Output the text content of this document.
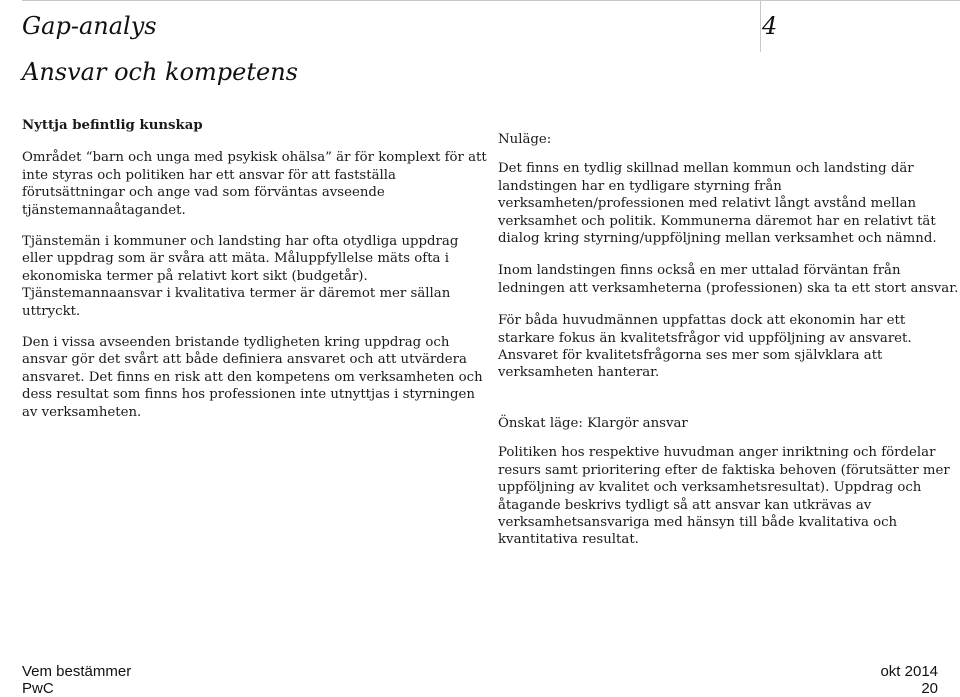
Gap-analys	4
Ansvar och kompetens
Nyttja befintlig kunskap

Området “barn och unga med psykisk ohälsa” är för komplext för att inte styras och politiken har ett ansvar för att fastställa förutsättningar och ange vad som förväntas avseende tjänstemannaåtagandet.

Tjänstemän i kommuner och landsting har ofta otydliga uppdrag eller uppdrag som är svåra att mäta. Måluppfyllelse mäts ofta i ekonomiska termer på relativt kort sikt (budgetår). Tjänstemannaansvar i kvalitativa termer är däremot mer sällan uttryckt.

Den i vissa avseenden bristande tydligheten kring uppdrag och ansvar gör det svårt att både definiera ansvaret och att utvärdera ansvaret. Det finns en risk att den kompetens om verksamheten och dess resultat som finns hos professionen inte utnyttjas i styrningen av verksamheten.

Nuläge:

Det finns en tydlig skillnad mellan kommun och landsting där landstingen har en tydligare styrning från verksamheten/professionen med relativt långt avstånd mellan verksamhet och politik. Kommunerna däremot har en relativt tät dialog kring styrning/uppföljning mellan verksamhet och nämnd.

Inom landstingen finns också en mer uttalad förväntan från ledningen att verksamheterna (professionen) ska ta ett stort ansvar.

För båda huvudmännen uppfattas dock att ekonomin har ett starkare fokus än kvalitetsfrågor vid uppföljning av ansvaret. Ansvaret för kvalitetsfrågorna ses mer som självklara att verksamheten hanterar.

Önskat läge: Klargör ansvar

Politiken hos respektive huvudman anger inriktning och fördelar resurs samt prioritering efter de faktiska behoven (förutsätter mer uppföljning av kvalitet och verksamhetsresultat). Uppdrag och åtagande beskrivs tydligt så att ansvar kan utkrävas av verksamhetsansvariga med hänsyn till både kvalitativa och kvantitativa resultat.

Vem bestämmer	okt 2014
PwC	20
